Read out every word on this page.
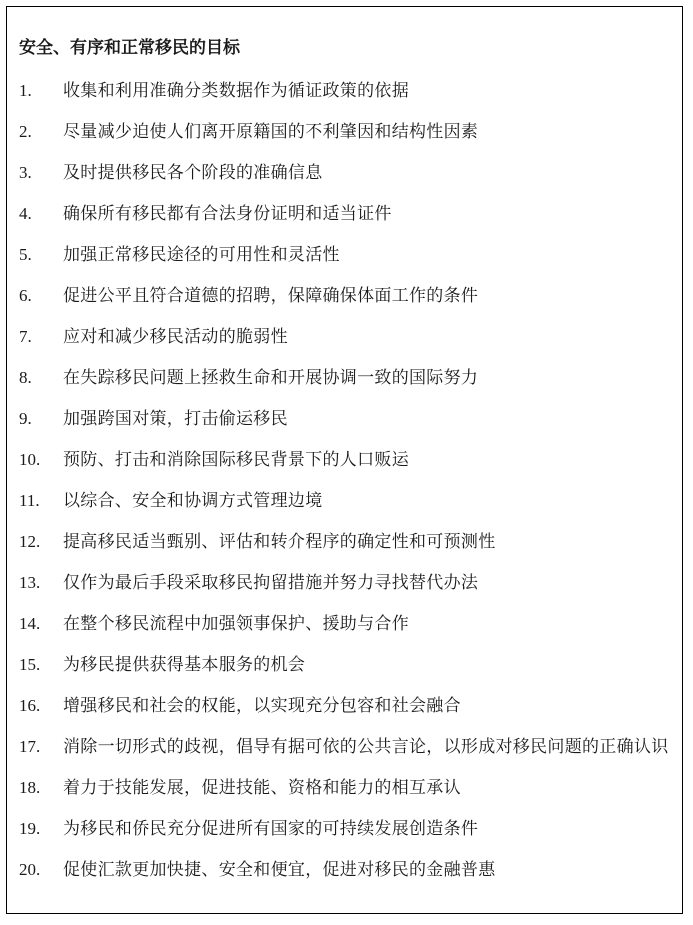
安全、有序和正常移民的目标
1.	收集和利用准确分类数据作为循证政策的依据
2.	尽量减少迫使人们离开原籍国的不利肇因和结构性因素
3.	及时提供移民各个阶段的准确信息
4.	确保所有移民都有合法身份证明和适当证件
5.	加强正常移民途径的可用性和灵活性
6.	促进公平且符合道德的招聘，保障确保体面工作的条件
7.	应对和减少移民活动的脆弱性
8.	在失踪移民问题上拯救生命和开展协调一致的国际努力
9.	加强跨国对策，打击偷运移民
10.	预防、打击和消除国际移民背景下的人口贩运
11.	以综合、安全和协调方式管理边境
12.	提高移民适当甄别、评估和转介程序的确定性和可预测性
13.	仅作为最后手段采取移民拘留措施并努力寻找替代办法
14.	在整个移民流程中加强领事保护、援助与合作
15.	为移民提供获得基本服务的机会
16.	增强移民和社会的权能，以实现充分包容和社会融合
17.	消除一切形式的歧视，倡导有据可依的公共言论，以形成对移民问题的正确认识
18.	着力于技能发展，促进技能、资格和能力的相互承认
19.	为移民和侨民充分促进所有国家的可持续发展创造条件
20.	促使汇款更加快捷、安全和便宜，促进对移民的金融普惠
